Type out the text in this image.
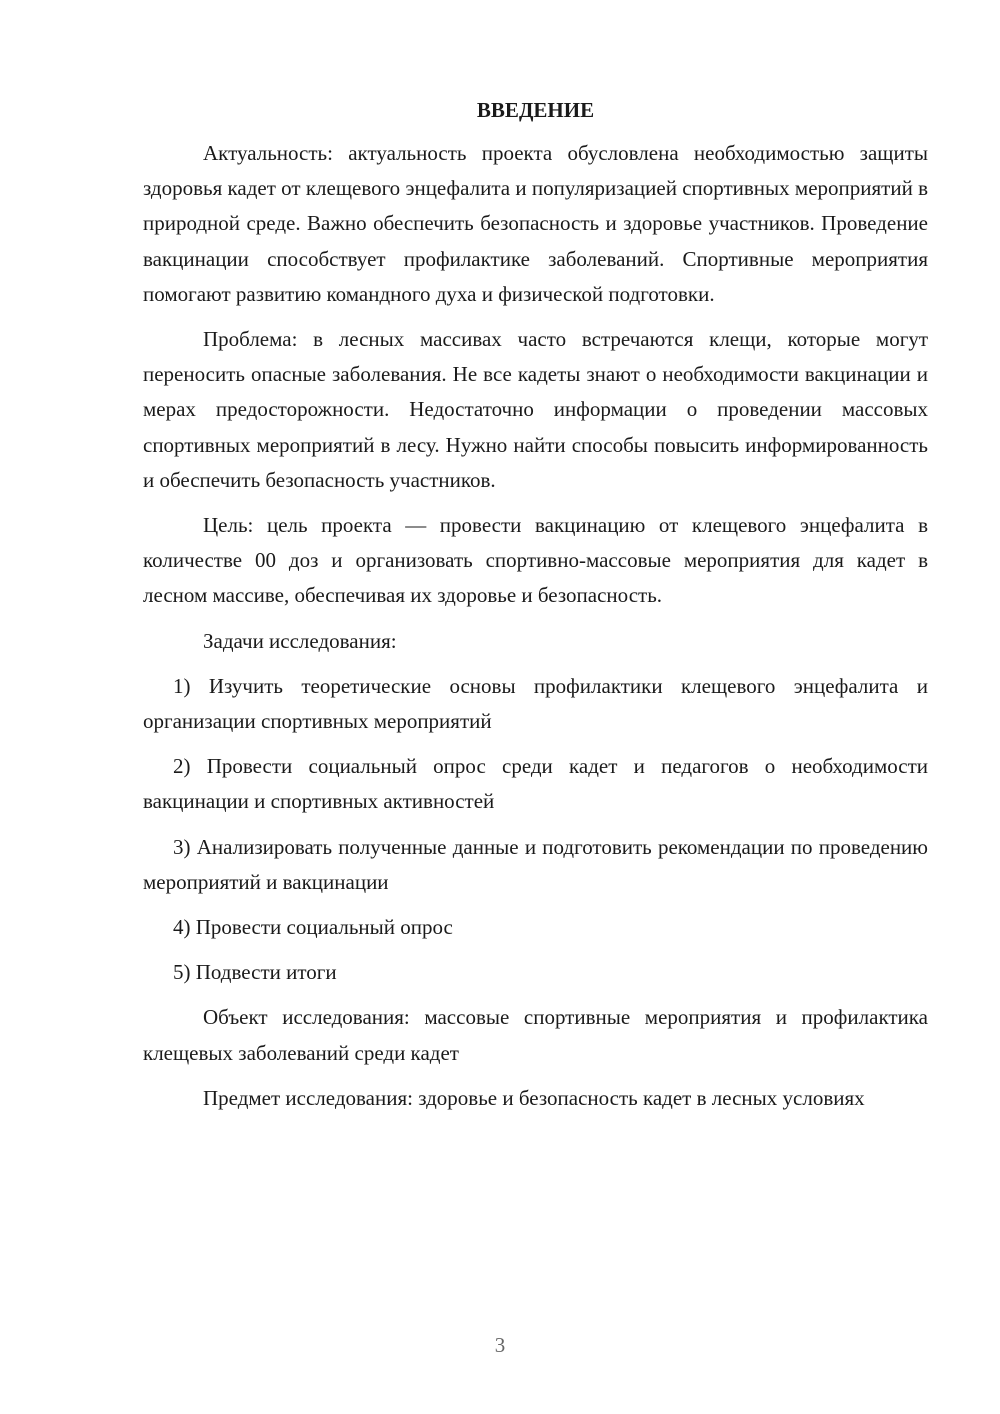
ВВЕДЕНИЕ

Актуальность: актуальность проекта обусловлена необходимостью защиты здоровья кадет от клещевого энцефалита и популяризацией спортивных мероприятий в природной среде. Важно обеспечить безопасность и здоровье участников. Проведение вакцинации способствует профилактике заболеваний. Спортивные мероприятия помогают развитию командного духа и физической подготовки.

Проблема: в лесных массивах часто встречаются клещи, которые могут переносить опасные заболевания. Не все кадеты знают о необходимости вакцинации и мерах предосторожности. Недостаточно информации о проведении массовых спортивных мероприятий в лесу. Нужно найти способы повысить информированность и обеспечить безопасность участников.

Цель: цель проекта — провести вакцинацию от клещевого энцефалита в количестве 00 доз и организовать спортивно-массовые мероприятия для кадет в лесном массиве, обеспечивая их здоровье и безопасность.

Задачи исследования:

1) Изучить теоретические основы профилактики клещевого энцефалита и организации спортивных мероприятий

2) Провести социальный опрос среди кадет и педагогов о необходимости вакцинации и спортивных активностей

3) Анализировать полученные данные и подготовить рекомендации по проведению мероприятий и вакцинации

4) Провести социальный опрос

5) Подвести итоги

Объект исследования: массовые спортивные мероприятия и профилактика клещевых заболеваний среди кадет

Предмет исследования: здоровье и безопасность кадет в лесных условиях

3
